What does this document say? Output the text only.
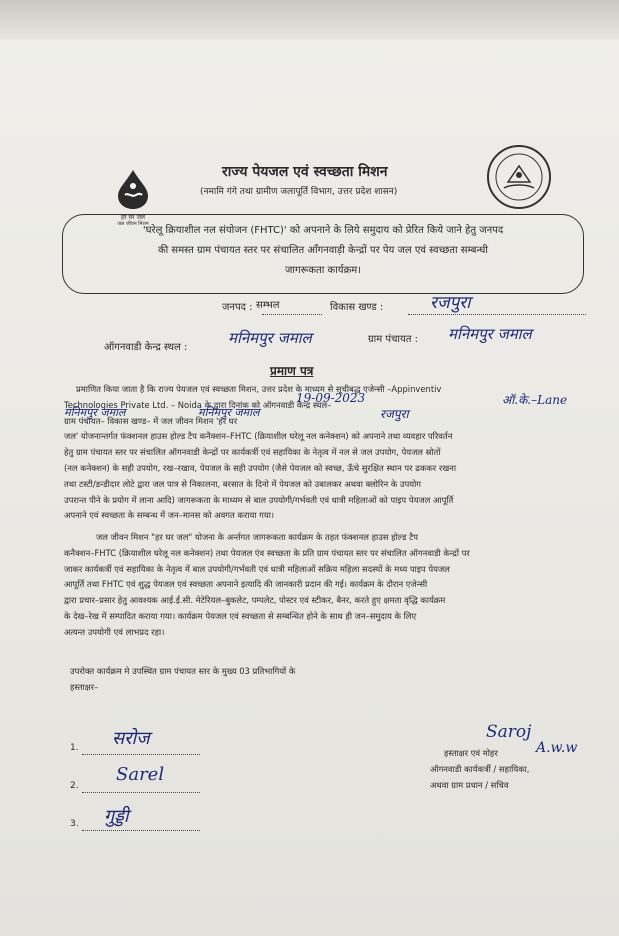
हर घर जल
जल जीवन मिशन
राज्य पेयजल एवं स्वच्छता मिशन
(नमामि गंगे तथा ग्रामीण जलापूर्ति विभाग, उत्तर प्रदेश शासन)
'घरेलू क्रियाशील नल संयोजन (FHTC)' को अपनाने के लिये समुदाय को प्रेरित किये जाने हेतु जनपद
की समस्त ग्राम पंचायत स्तर पर संचालित आँगनवाड़ी केन्द्रों पर पेय जल एवं स्वच्छता सम्बन्धी
जागरूकता कार्यक्रम।
जनपद : सम्भल	विकास खण्ड :	रजपुरा
ऑगनवाडी केन्द्र स्थल :
मनिमपुर जमाल	ग्राम पंचायत : मनिमपुर जमाल
प्रमाण पत्र
प्रमाणित किया जाता है कि राज्य पेयजल एवं स्वच्छता मिशन, उत्तर प्रदेश के माध्यम से सूचीबद्ध एजेन्सी –Appinventiv
Technologies Private Ltd. – Noida के द्वारा दिनांक को ऑगनवाडी केन्द्र स्थल–
ग्राम पंचायत– विकास खण्ड– में जल जीवन मिशन 'हर घर
जल' योजनान्तर्गत फंक्शनल हाउस होल्ड टैप कनैक्शन–FHTC (क्रियाशील घरेलू नल कनेक्शन) को अपनाने तथा व्यवहार परिवर्तन
हेतु ग्राम पंचायत स्तर पर संचालित ऑगनवाडी केन्द्रों पर कार्यकर्त्री एवं सहायिका के नेतृत्व में नल से जल उपयोग, पेयजल स्रोतों
(नल कनेक्शन) के सही उपयोग, रख–रखाव, पेयजल के सही उपयोग (जैसे पेयजल को स्वच्छ, ऊँचे सुरक्षित स्थान पर ढककर रखना
तथा टस्टी/डन्डीदार लोटे द्वारा जल पात्र से निकालना, बरसात के दिनो में पेयजल को उबालकर अथवा क्लोरिन के उपयोग
उपरान्त पीने के प्रयोग में लाना आदि) जागरूकता के माध्यम से बाल उपयोगी/गर्भवती एवं धात्री महिलाओं को पाइप पेयजल आपूर्ति
अपनाने एवं स्वच्छता के सम्बन्ध में जन–मानस को अवगत कराया गया।
19-09-2023	ऑ.के.–Lane
मनिमपुर जमाल	मनिमपुर जमाल	रजपुरा
जल जीवन मिशन "हर घर जल" योजना के अर्न्तगत जागरूकता कार्यक्रम के तहत फंक्शनल हाउस होल्ड टैप
कनैक्शन–FHTC (क्रियाशील घरेलू नल कनेक्शन) तथा पेयजल एंव स्वच्छता के प्रति ग्राम पंचायत स्तर पर संचालित ऑगनवाडी केन्द्रों पर
जाकर कार्यकर्त्री एवं सहायिका के नेतृत्व में बाल उपयोगी/गर्भवती एवं धात्री महिलाओं सक्रिय महिला सदस्यों के मध्य पाइप पेयजल
आपूर्ति तथा FHTC एवं शुद्ध पेयजल एवं स्वच्छता अपनाने इत्यादि की जानकारी प्रदान की गई। कार्यक्रम के दौरान एजेन्सी
द्वारा प्रचार–प्रसार हेतु आवश्यक आई.ई.सी. मेटेरियल–बुकलेट, पम्पलेट, पोस्टर एवं स्टीकर, बैनर, करते हुए क्षमता वृद्धि कार्यक्रम
के देख–रेख में सम्पादित कराया गया। कार्यक्रम पेयजल एवं स्वच्छता से सम्बन्धित होने के साथ ही जन–समुदाय के लिए
अत्यन्त उपयोगी एवं लाभप्रद रहा।
उपरोक्त कार्यक्रम मे उपस्थित ग्राम पंचायत स्तर के मुख्य 03 प्रतिभागियों के
हस्ताक्षर–
1. सरोज
2.
Sarel
3. गुड्डी
Saroj
A.w.w
हस्ताक्षर एवं मोहर
ऑगनवाडी कार्यकर्त्री / सहायिका,
अथवा ग्राम प्रधान / सचिव
